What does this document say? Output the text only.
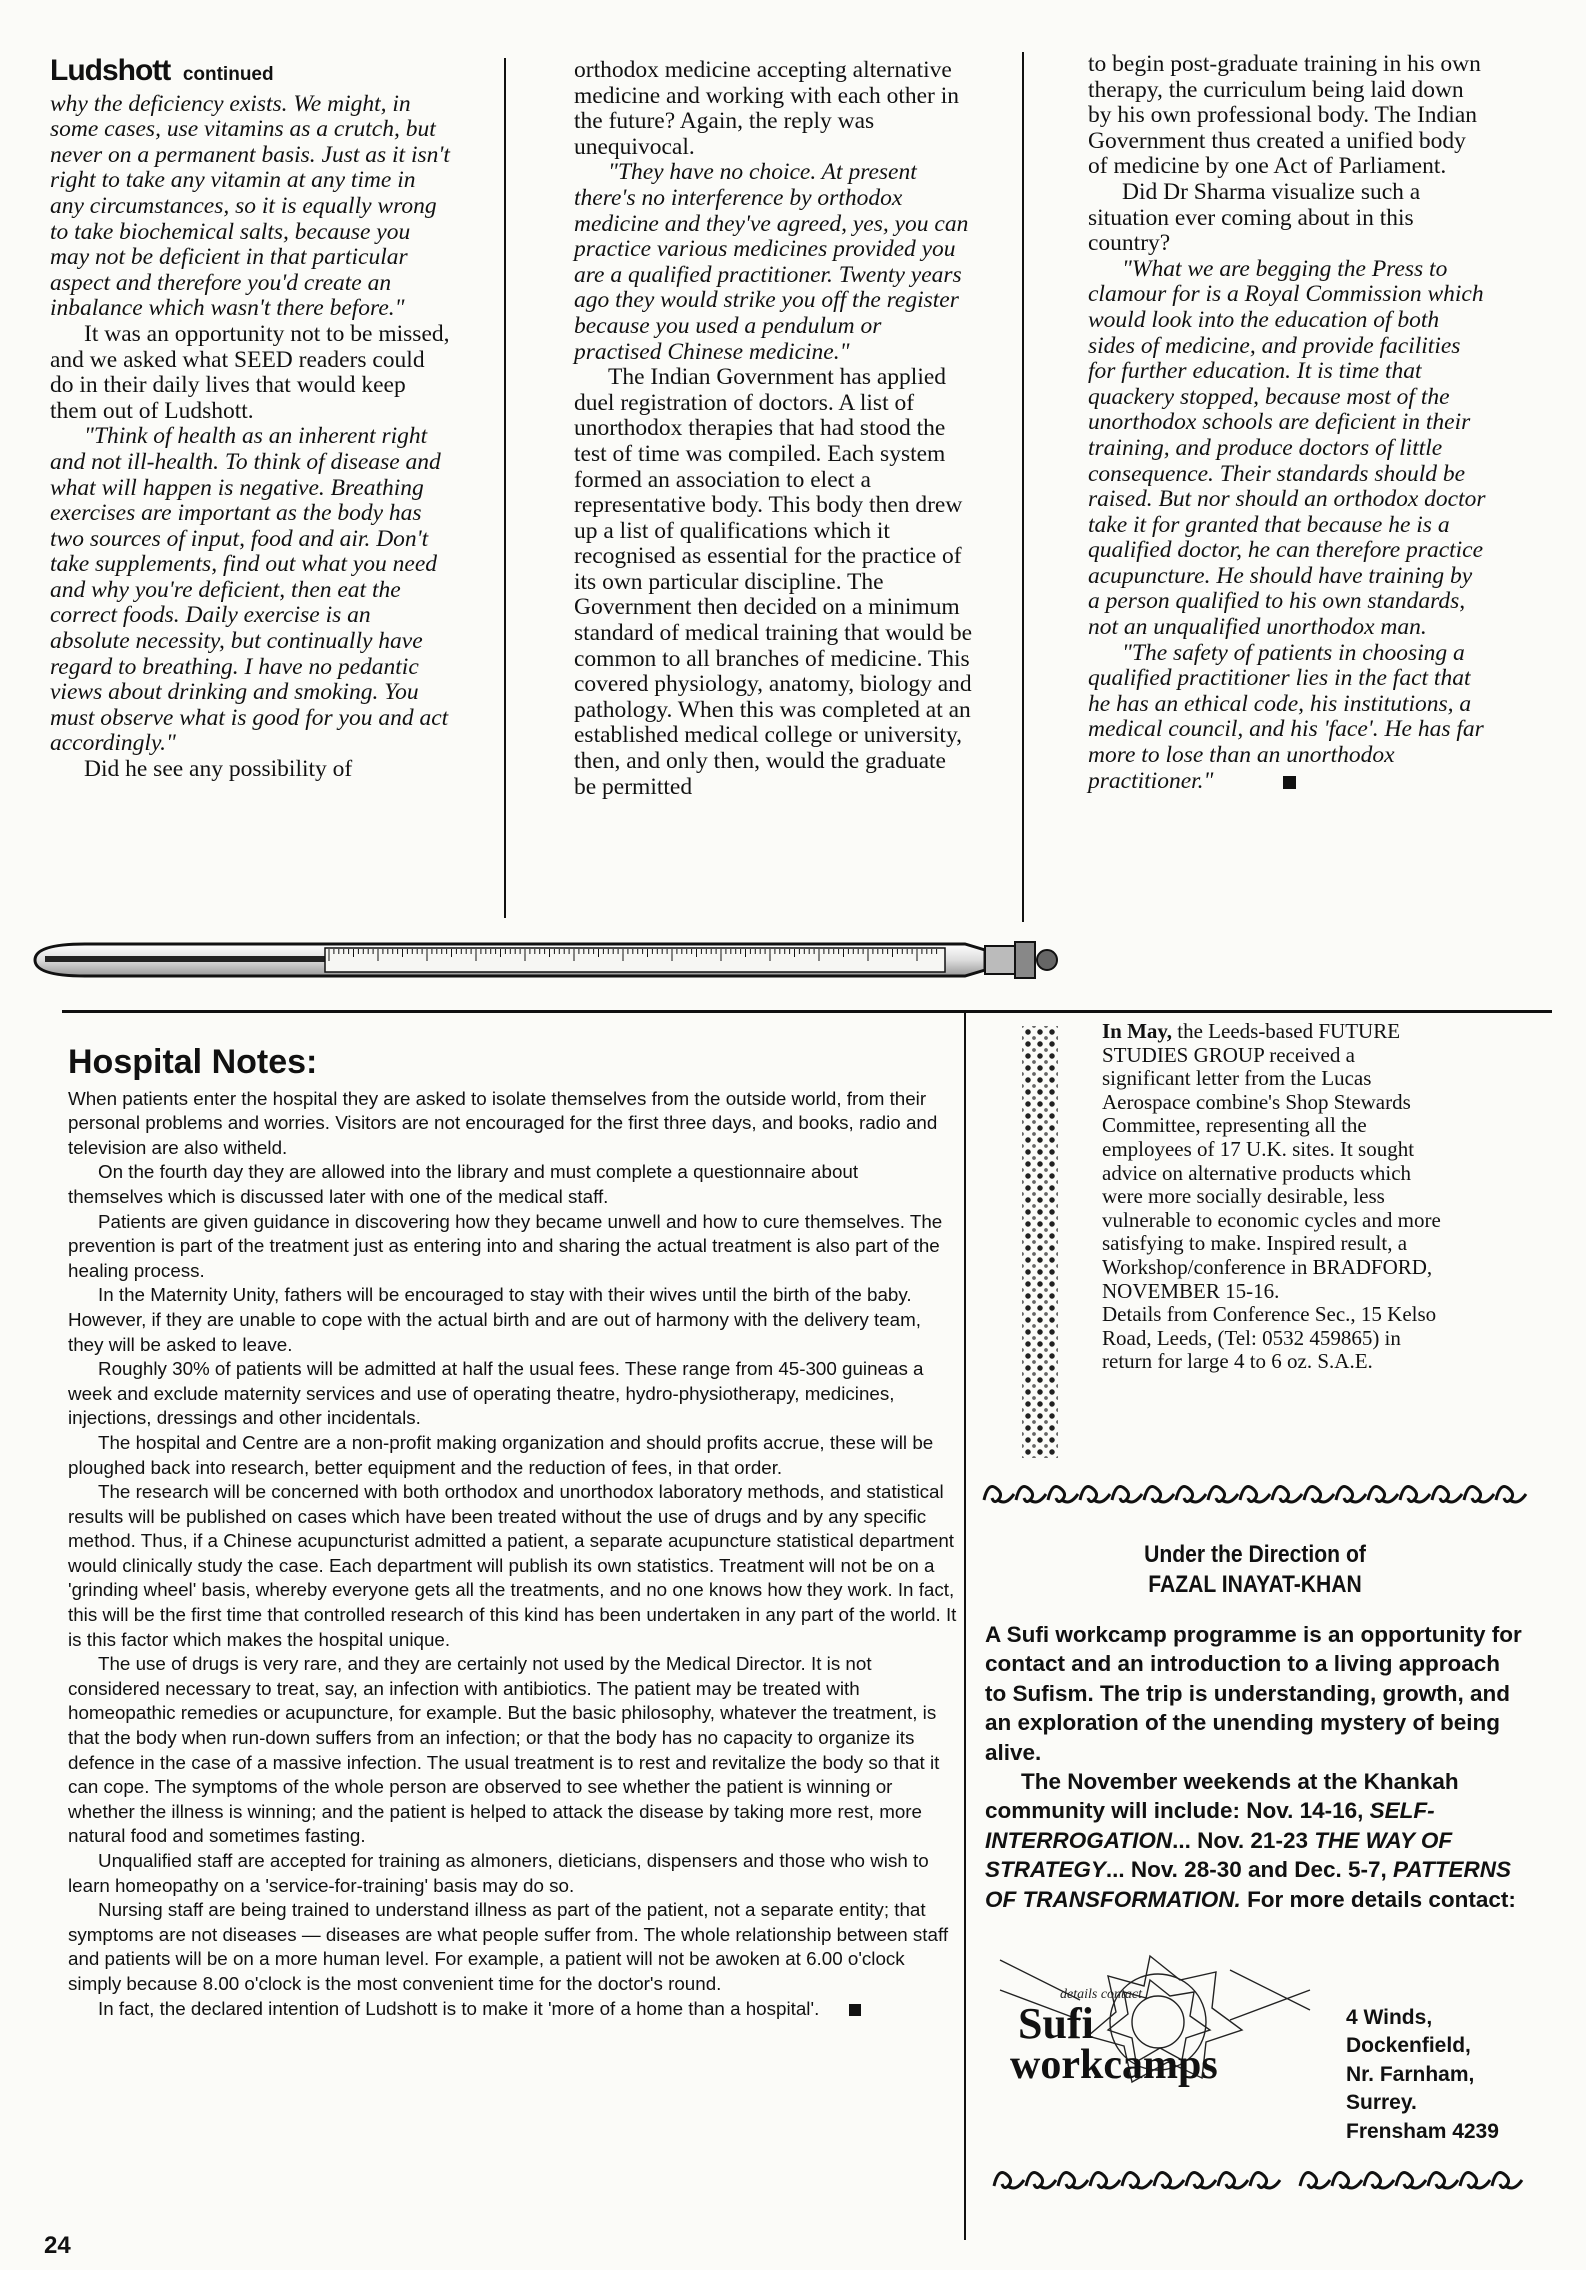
Ludshott continued

why the deficiency exists. We might, in some cases, use vitamins as a crutch, but never on a permanent basis. Just as it isn't right to take any vitamin at any time in any circumstances, so it is equally wrong to take biochemical salts, because you may not be deficient in that particular aspect and therefore you'd create an inbalance which wasn't there before."

It was an opportunity not to be missed, and we asked what SEED readers could do in their daily lives that would keep them out of Ludshott.

"Think of health as an inherent right and not ill-health. To think of disease and what will happen is negative. Breathing exercises are important as the body has two sources of input, food and air. Don't take supplements, find out what you need and why you're deficient, then eat the correct foods. Daily exercise is an absolute necessity, but continually have regard to breathing. I have no pedantic views about drinking and smoking. You must observe what is good for you and act accordingly."

Did he see any possibility of

orthodox medicine accepting alternative medicine and working with each other in the future? Again, the reply was unequivocal.

"They have no choice. At present there's no interference by orthodox medicine and they've agreed, yes, you can practice various medicines provided you are a qualified practitioner. Twenty years ago they would strike you off the register because you used a pendulum or practised Chinese medicine."

The Indian Government has applied duel registration of doctors. A list of unorthodox therapies that had stood the test of time was compiled. Each system formed an association to elect a representative body. This body then drew up a list of qualifications which it recognised as essential for the practice of its own particular discipline. The Government then decided on a minimum standard of medical training that would be common to all branches of medicine. This covered physiology, anatomy, biology and pathology. When this was completed at an established medical college or university, then, and only then, would the graduate be permitted

to begin post-graduate training in his own therapy, the curriculum being laid down by his own professional body. The Indian Government thus created a unified body of medicine by one Act of Parliament.

Did Dr Sharma visualize such a situation ever coming about in this country?

"What we are begging the Press to clamour for is a Royal Commission which would look into the education of both sides of medicine, and provide facilities for further education. It is time that quackery stopped, because most of the unorthodox schools are deficient in their training, and produce doctors of little consequence. Their standards should be raised. But nor should an orthodox doctor take it for granted that because he is a qualified doctor, he can therefore practice acupuncture. He should have training by a person qualified to his own standards, not an unqualified unorthodox man.

"The safety of patients in choosing a qualified practitioner lies in the fact that he has an ethical code, his institutions, a medical council, and his 'face'. He has far more to lose than an unorthodox practitioner."

Hospital Notes:

When patients enter the hospital they are asked to isolate themselves from the outside world, from their personal problems and worries. Visitors are not encouraged for the first three days, and books, radio and television are also witheld.

On the fourth day they are allowed into the library and must complete a questionnaire about themselves which is discussed later with one of the medical staff.

Patients are given guidance in discovering how they became unwell and how to cure themselves. The prevention is part of the treatment just as entering into and sharing the actual treatment is also part of the healing process.

In the Maternity Unity, fathers will be encouraged to stay with their wives until the birth of the baby. However, if they are unable to cope with the actual birth and are out of harmony with the delivery team, they will be asked to leave.

Roughly 30% of patients will be admitted at half the usual fees. These range from 45-300 guineas a week and exclude maternity services and use of operating theatre, hydro-physiotherapy, medicines, injections, dressings and other incidentals.

The hospital and Centre are a non-profit making organization and should profits accrue, these will be ploughed back into research, better equipment and the reduction of fees, in that order.

The research will be concerned with both orthodox and unorthodox laboratory methods, and statistical results will be published on cases which have been treated without the use of drugs and by any specific method. Thus, if a Chinese acupuncturist admitted a patient, a separate acupuncture statistical department would clinically study the case. Each department will publish its own statistics. Treatment will not be on a 'grinding wheel' basis, whereby everyone gets all the treatments, and no one knows how they work. In fact, this will be the first time that controlled research of this kind has been undertaken in any part of the world. It is this factor which makes the hospital unique.

The use of drugs is very rare, and they are certainly not used by the Medical Director. It is not considered necessary to treat, say, an infection with antibiotics. The patient may be treated with homeopathic remedies or acupuncture, for example. But the basic philosophy, whatever the treatment, is that the body when run-down suffers from an infection; or that the body has no capacity to organize its defence in the case of a massive infection. The usual treatment is to rest and revitalize the body so that it can cope. The symptoms of the whole person are observed to see whether the patient is winning or whether the illness is winning; and the patient is helped to attack the disease by taking more rest, more natural food and sometimes fasting.

Unqualified staff are accepted for training as almoners, dieticians, dispensers and those who wish to learn homeopathy on a 'service-for-training' basis may do so.

Nursing staff are being trained to understand illness as part of the patient, not a separate entity; that symptoms are not diseases — diseases are what people suffer from. The whole relationship between staff and patients will be on a more human level. For example, a patient will not be awoken at 6.00 o'clock simply because 8.00 o'clock is the most convenient time for the doctor's round.

In fact, the declared intention of Ludshott is to make it 'more of a home than a hospital'.

In May, the Leeds-based FUTURE STUDIES GROUP received a significant letter from the Lucas Aerospace combine's Shop Stewards Committee, representing all the employees of 17 U.K. sites. It sought advice on alternative products which were more socially desirable, less vulnerable to economic cycles and more satisfying to make. Inspired result, a Workshop/conference in BRADFORD, NOVEMBER 15-16.

Details from Conference Sec., 15 Kelso Road, Leeds, (Tel: 0532 459865) in return for large 4 to 6 oz. S.A.E.

Under the Direction of
FAZAL INAYAT-KHAN

A Sufi workcamp programme is an opportunity for contact and an introduction to a living approach to Sufism. The trip is understanding, growth, and an exploration of the unending mystery of being alive.

The November weekends at the Khankah community will include: Nov. 14-16, SELF-INTERROGATION... Nov. 21-23 THE WAY OF STRATEGY... Nov. 28-30 and Dec. 5-7, PATTERNS OF TRANSFORMATION. For more details contact:

details contact
Sufi
workcamps
4 Winds,
Dockenfield,
Nr. Farnham,
Surrey.
Frensham 4239
24
